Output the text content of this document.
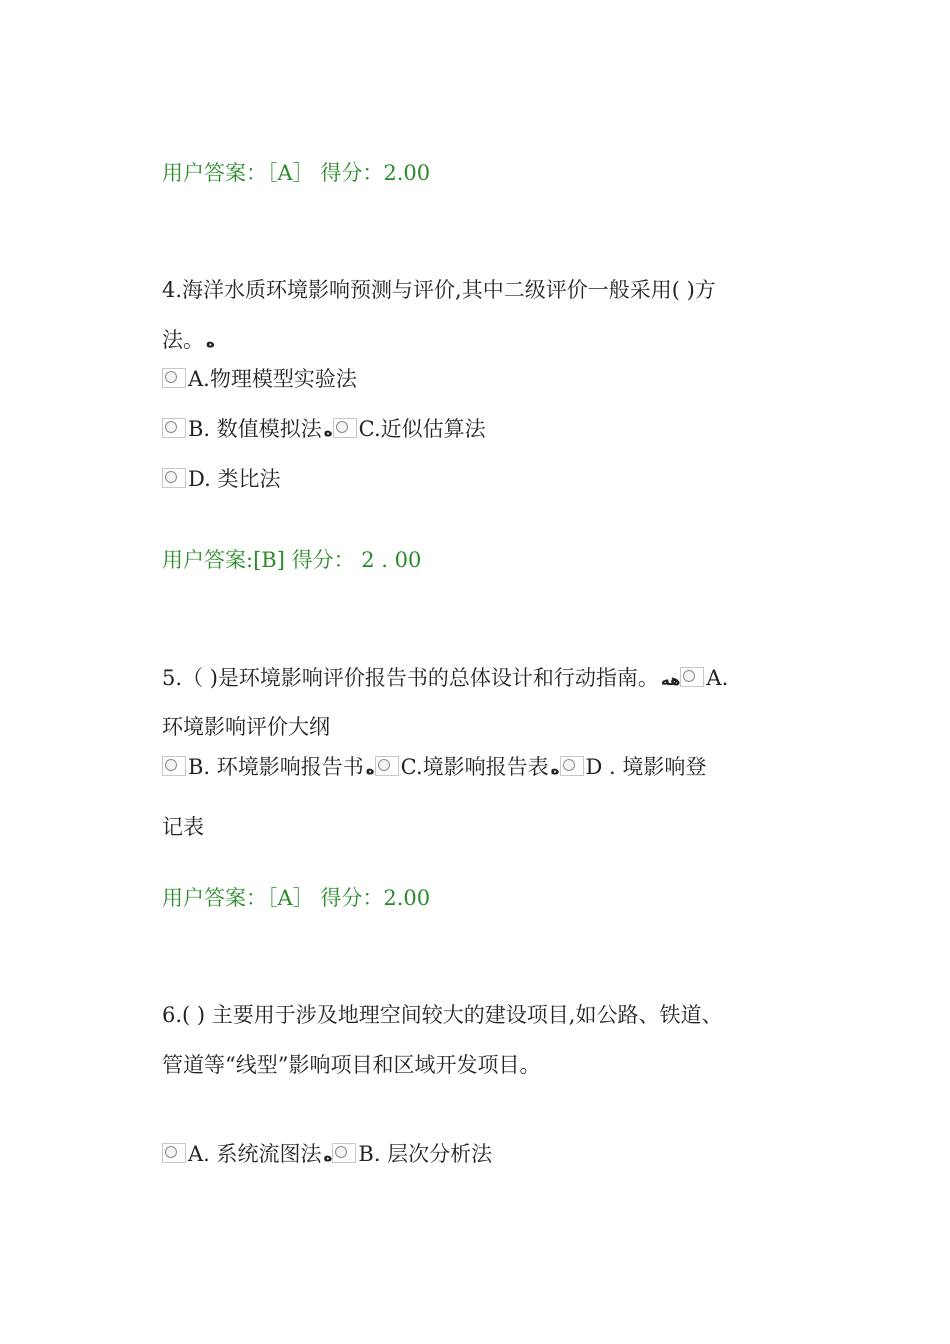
用户答案：［A］ 得分：2.00
4.海洋水质环境影响预测与评价,其中二级评价一般采用( )方
法。 ه
A.物理模型实验法
B. 数值模拟法 ه C.近似估算法
D. 类比法
用户答案:[B] 得分： 2 . 00
5.（ )是环境影响评价报告书的总体设计和行动指南。 هه A.
环境影响评价大纲
B. 环境影响报告书 ه C.境影响报告表 ه D . 境影响登
记表
用户答案：［A］ 得分：2.00
6.( ) 主要用于涉及地理空间较大的建设项目,如公路、铁道、
管道等“线型”影响项目和区域开发项目。
A. 系统流图法 ه B. 层次分析法
